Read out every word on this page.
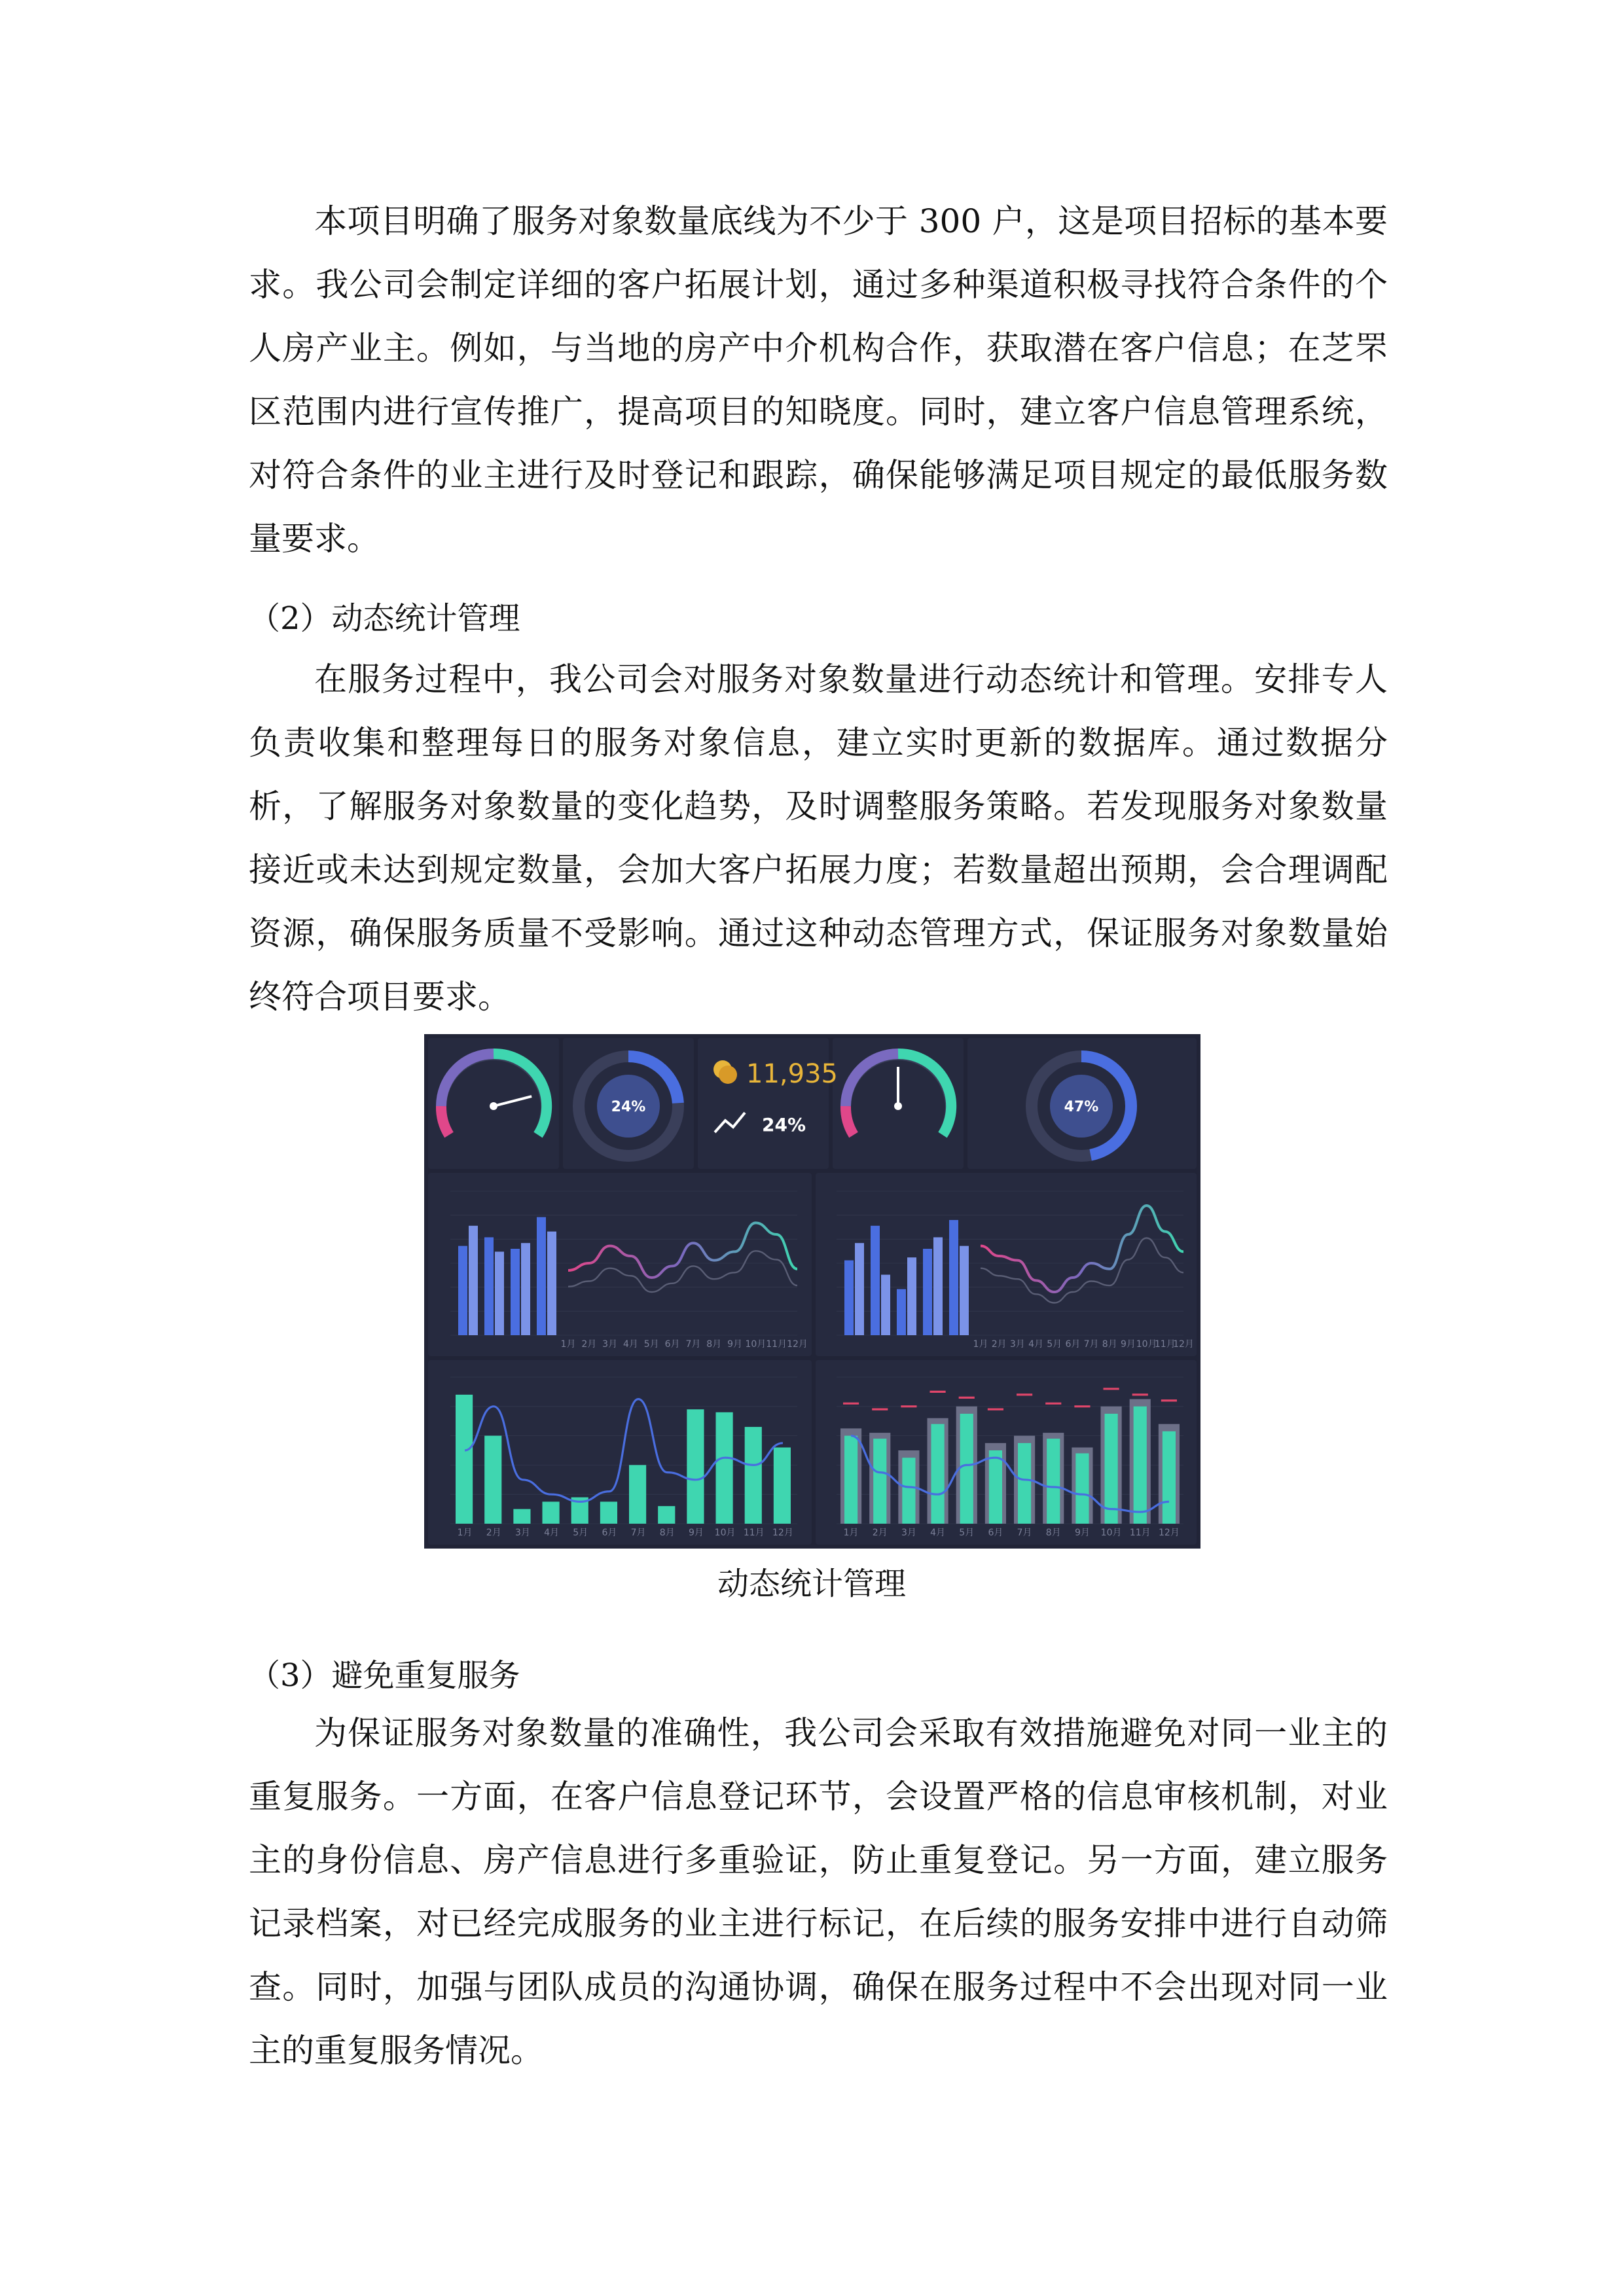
本项目明确了服务对象数量底线为不少于 300 户，这是项目招标的基本要求。我公司会制定详细的客户拓展计划，通过多种渠道积极寻找符合条件的个人房产业主。例如，与当地的房产中介机构合作，获取潜在客户信息；在芝罘区范围内进行宣传推广，提高项目的知晓度。同时，建立客户信息管理系统，对符合条件的业主进行及时登记和跟踪，确保能够满足项目规定的最低服务数量要求。

（2）动态统计管理

在服务过程中，我公司会对服务对象数量进行动态统计和管理。安排专人负责收集和整理每日的服务对象信息，建立实时更新的数据库。通过数据分析，了解服务对象数量的变化趋势，及时调整服务策略。若发现服务对象数量接近或未达到规定数量，会加大客户拓展力度；若数量超出预期，会合理调配资源，确保服务质量不受影响。通过这种动态管理方式，保证服务对象数量始终符合项目要求。

24%
11,935
24%
47%
1月 2月 3月 4月 5月 6月 7月 8月 9月 10月 11月 12月	1月 2月 3月 4月 5月 6月 7月 8月 9月 10月
11月
12月
1月	2月	3月	4月	5月	6月	7月	8月	9月 10月 11月 12月	1月	2月	3月	4月	5月	6月	7月	8月	9月 10月 11月 12月
动态统计管理

（3）避免重复服务

为保证服务对象数量的准确性，我公司会采取有效措施避免对同一业主的重复服务。一方面，在客户信息登记环节，会设置严格的信息审核机制，对业主的身份信息、房产信息进行多重验证，防止重复登记。另一方面，建立服务记录档案，对已经完成服务的业主进行标记，在后续的服务安排中进行自动筛查。同时，加强与团队成员的沟通协调，确保在服务过程中不会出现对同一业主的重复服务情况。
